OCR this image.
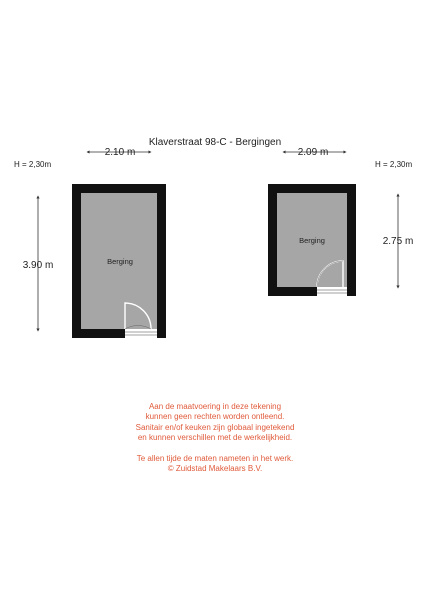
Klaverstraat 98-C - Bergingen
2.10 m
H = 2,30m
3.90 m	Berging
2.09 m
H = 2,30m
2.75 m
Berging
Aan de maatvoering in deze tekening
kunnen geen rechten worden ontleend.
Sanitair en/of keuken zijn globaal ingetekend
en kunnen verschillen met de werkelijkheid.
Te allen tijde de maten nameten in het werk.
© Zuidstad Makelaars B.V.
